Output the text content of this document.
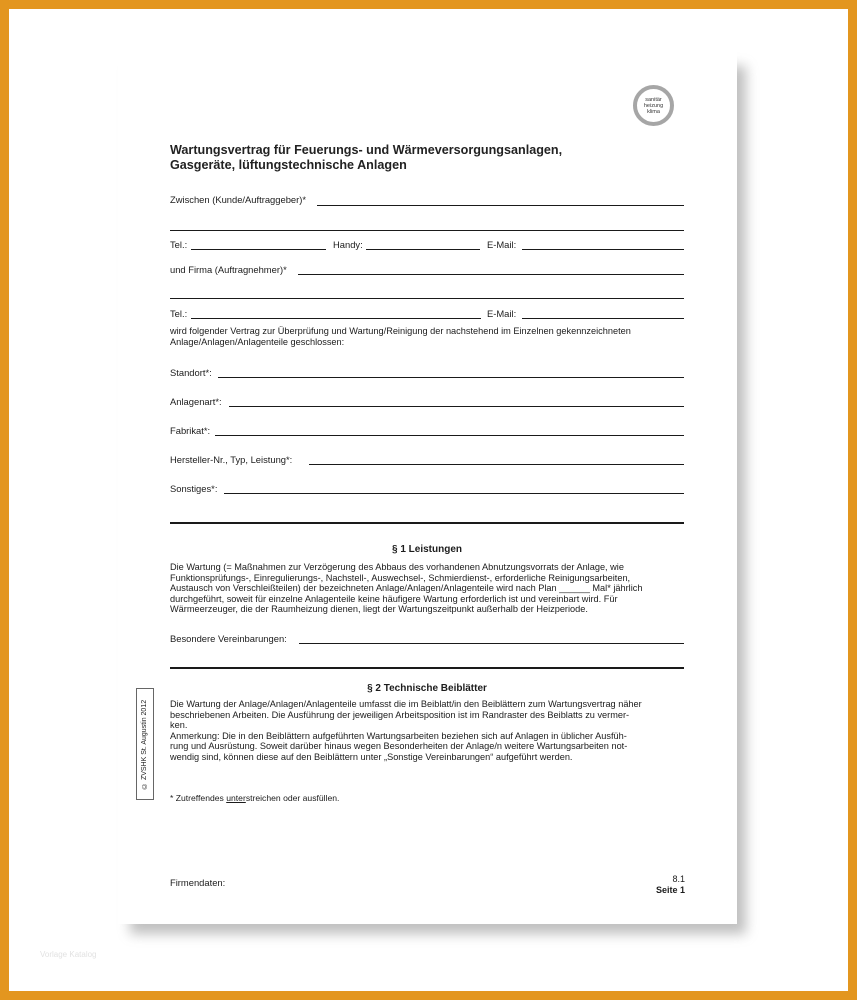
sanitär
heizung
klima
Wartungsvertrag für Feuerungs- und Wärmeversorgungsanlagen,
Gasgeräte, lüftungstechnische Anlagen
Zwischen (Kunde/Auftraggeber)*
Tel.:	Handy:	E-Mail:
und Firma (Auftragnehmer)*
Tel.:	E-Mail:
wird folgender Vertrag zur Überprüfung und Wartung/Reinigung der nachstehend im Einzelnen gekennzeichneten
Anlage/Anlagen/Anlagenteile geschlossen:
Standort*:
Anlagenart*:
Fabrikat*:
Hersteller-Nr., Typ, Leistung*:
Sonstiges*:
§ 1 Leistungen
Die Wartung (= Maßnahmen zur Verzögerung des Abbaus des vorhandenen Abnutzungsvorrats der Anlage, wie
Funktionsprüfungs-, Einregulierungs-, Nachstell-, Auswechsel-, Schmierdienst-, erforderliche Reinigungsarbeiten,
Austausch von Verschleißteilen) der bezeichneten Anlage/Anlagen/Anlagenteile wird nach Plan ______ Mal* jährlich
durchgeführt, soweit für einzelne Anlagenteile keine häufigere Wartung erforderlich ist und vereinbart wird. Für
Wärmeerzeuger, die der Raumheizung dienen, liegt der Wartungszeitpunkt außerhalb der Heizperiode.
Besondere Vereinbarungen:
§ 2 Technische Beiblätter
Die Wartung der Anlage/Anlagen/Anlagenteile umfasst die im Beiblatt/in den Beiblättern zum Wartungsvertrag näher
beschriebenen Arbeiten. Die Ausführung der jeweiligen Arbeitsposition ist im Randraster des Beiblatts zu vermer-
ken.
Anmerkung: Die in den Beiblättern aufgeführten Wartungsarbeiten beziehen sich auf Anlagen in üblicher Ausfüh-
rung und Ausrüstung. Soweit darüber hinaus wegen Besonderheiten der Anlage/n weitere Wartungsarbeiten not-
wendig sind, können diese auf den Beiblättern unter „Sonstige Vereinbarungen“ aufgeführt werden.
* Zutreffendes unterstreichen oder ausfüllen.
© ZVSHK St. Augustin 2012
Firmendaten:	8.1
Seite 1
Vorlage Katalog
